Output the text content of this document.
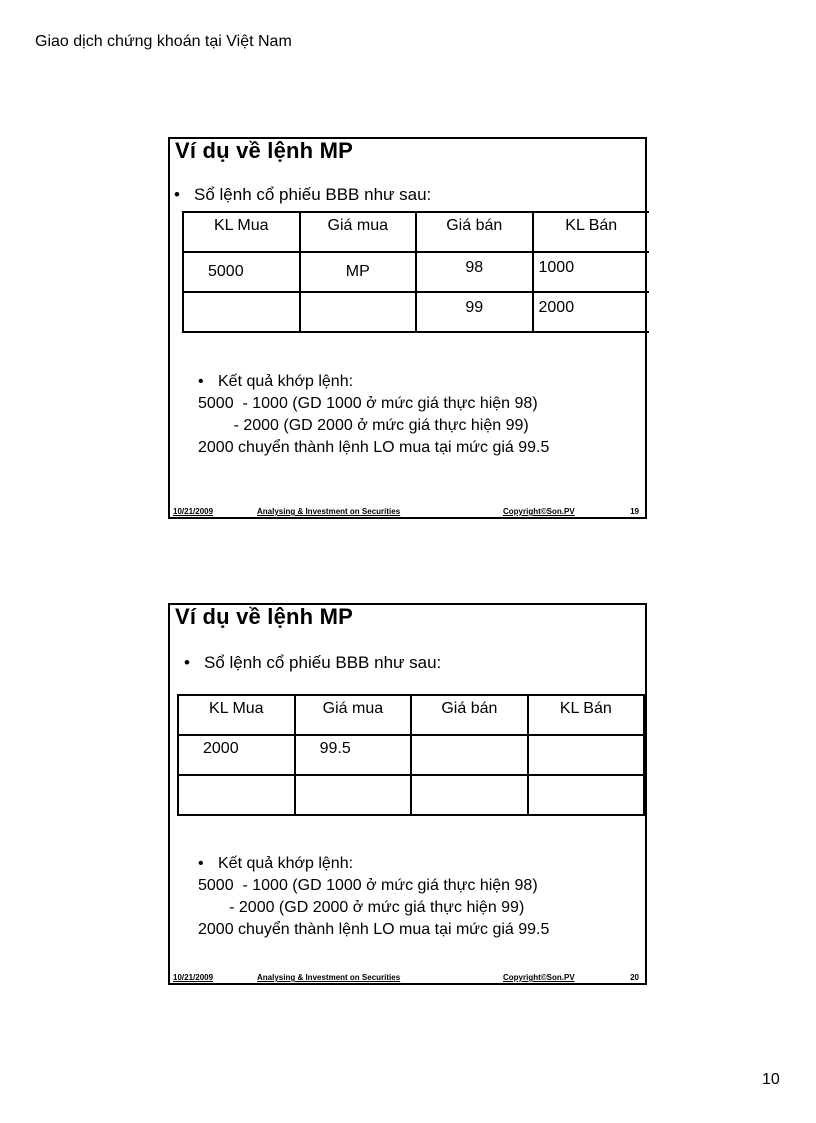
Giao dịch chứng khoán tại Việt Nam
Ví dụ về lệnh MP
• Sổ lệnh cổ phiếu BBB như sau:
KL Mua	Giá mua	Giá bán	KL Bán
5000	MP	98	1000
		99	2000
• Kết quả khớp lệnh:
5000  - 1000 (GD 1000 ở mức giá thực hiện 98)
- 2000 (GD 2000 ở mức giá thực hiện 99)
2000 chuyển thành lệnh LO mua tại mức giá 99.5
10/21/2009	Analysing & Investment on Securities	Copyright©Son.PV	19
Ví dụ về lệnh MP
• Sổ lệnh cổ phiếu BBB như sau:
KL Mua	Giá mua	Giá bán	KL Bán
2000	99.5		

• Kết quả khớp lệnh:
5000  - 1000 (GD 1000 ở mức giá thực hiện 98)
- 2000 (GD 2000 ở mức giá thực hiện 99)
2000 chuyển thành lệnh LO mua tại mức giá 99.5
10/21/2009	Analysing & Investment on Securities	Copyright©Son.PV	20
10
